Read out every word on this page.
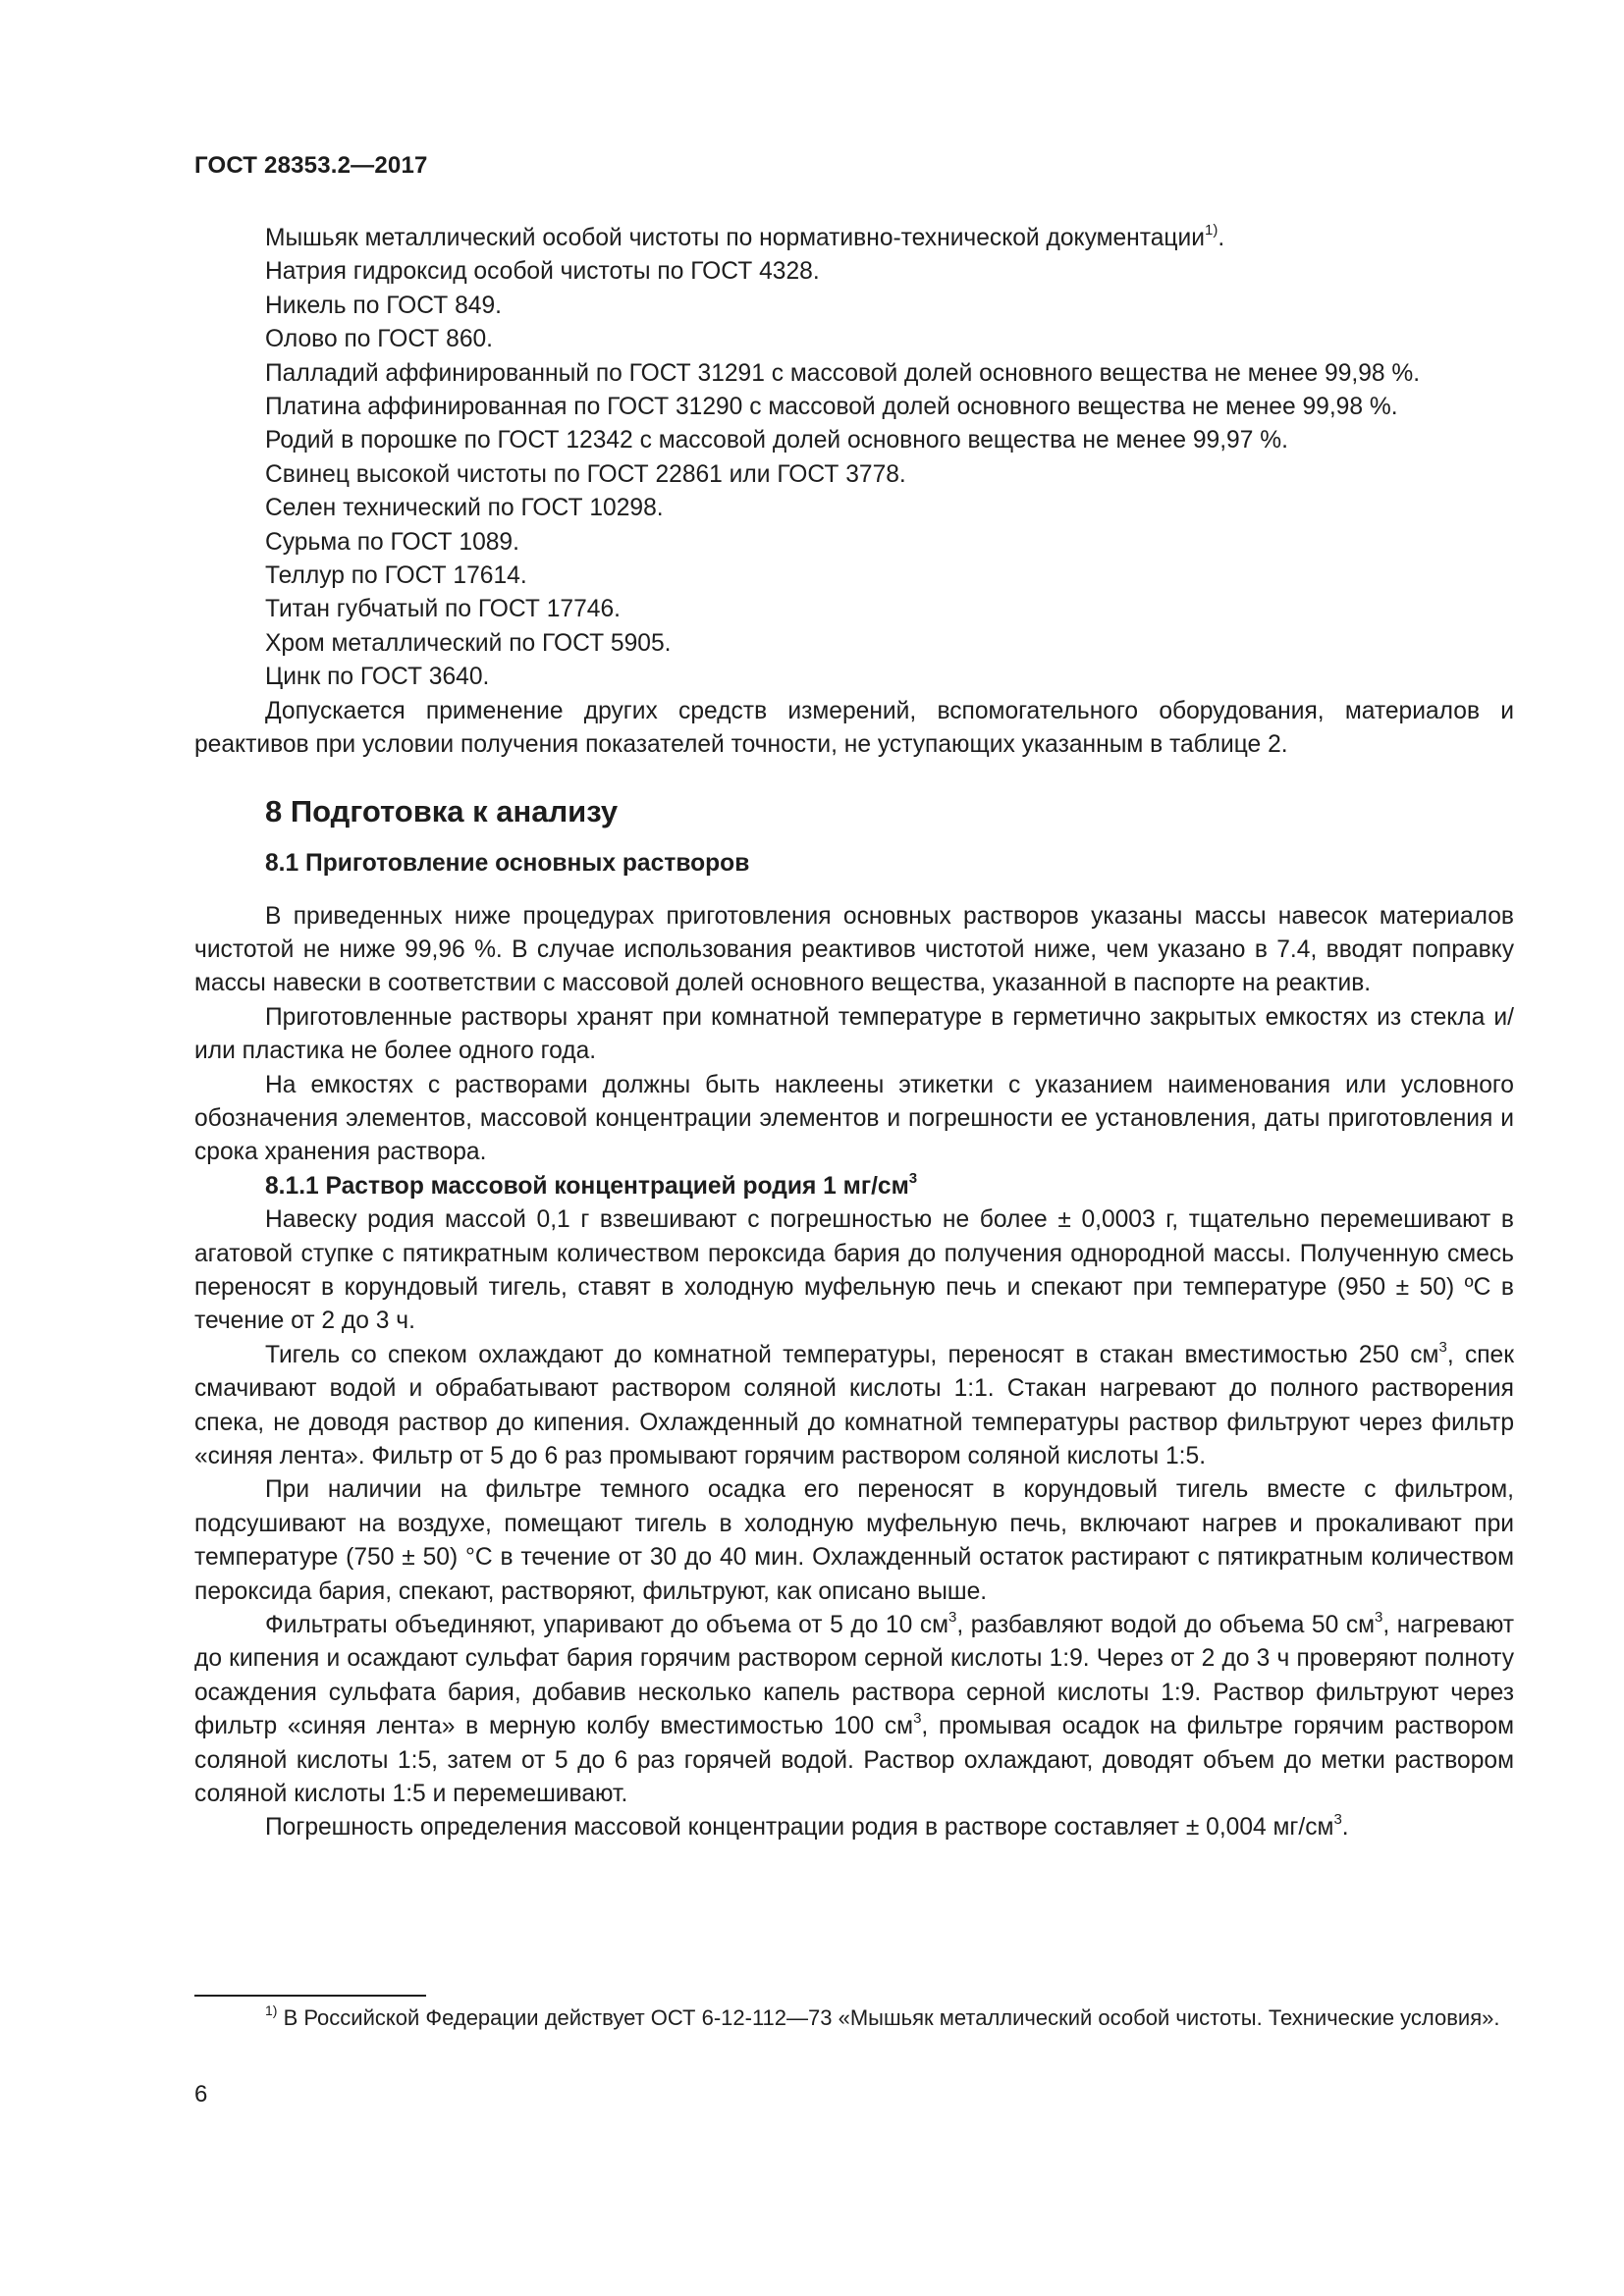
ГОСТ 28353.2—2017

Мышьяк металлический особой чистоты по нормативно-технической документации$^{1)}$.

Натрия гидроксид особой чистоты по ГОСТ 4328.

Никель по ГОСТ 849.

Олово по ГОСТ 860.

Палладий аффинированный по ГОСТ 31291 с массовой долей основного вещества не менее 99,98 %.

Платина аффинированная по ГОСТ 31290 с массовой долей основного вещества не менее 99,98 %.

Родий в порошке по ГОСТ 12342 с массовой долей основного вещества не менее 99,97 %.

Свинец высокой чистоты по ГОСТ 22861 или ГОСТ 3778.

Селен технический по ГОСТ 10298.

Сурьма по ГОСТ 1089.

Теллур по ГОСТ 17614.

Титан губчатый по ГОСТ 17746.

Хром металлический по ГОСТ 5905.

Цинк по ГОСТ 3640.

Допускается применение других средств измерений, вспомогательного оборудования, материалов и реактивов при условии получения показателей точности, не уступающих указанным в таблице 2.

8 Подготовка к анализу
8.1 Приготовление основных растворов

В приведенных ниже процедурах приготовления основных растворов указаны массы навесок материалов чистотой не ниже 99,96 %. В случае использования реактивов чистотой ниже, чем указано в 7.4, вводят поправку массы навески в соответствии с массовой долей основного вещества, указанной в паспорте на реактив.

Приготовленные растворы хранят при комнатной температуре в герметично закрытых емкостях из стекла и/или пластика не более одного года.

На емкостях с растворами должны быть наклеены этикетки с указанием наименования или условного обозначения элементов, массовой концентрации элементов и погрешности ее установления, даты приготовления и срока хранения раствора.

8.1.1 Раствор массовой концентрацией родия 1 $мг/см^3$

Навеску родия массой 0,1 г взвешивают с погрешностью не более ± 0,0003 г, тщательно перемешивают в агатовой ступке с пятикратным количеством пероксида бария до получения однородной массы. Полученную смесь переносят в корундовый тигель, ставят в холодную муфельную печь и спекают при температуре (950 ± 50) ºС в течение от 2 до 3 ч.

Тигель со спеком охлаждают до комнатной температуры, переносят в стакан вместимостью 250 $см^3$, спек смачивают водой и обрабатывают раствором соляной кислоты 1:1. Стакан нагревают до полного растворения спека, не доводя раствор до кипения. Охлажденный до комнатной температуры раствор фильтруют через фильтр «синяя лента». Фильтр от 5 до 6 раз промывают горячим раствором соляной кислоты 1:5.

При наличии на фильтре темного осадка его переносят в корундовый тигель вместе с фильтром, подсушивают на воздухе, помещают тигель в холодную муфельную печь, включают нагрев и прокаливают при температуре (750 ± 50) °С в течение от 30 до 40 мин. Охлажденный остаток растирают с пятикратным количеством пероксида бария, спекают, растворяют, фильтруют, как описано выше.

Фильтраты объединяют, упаривают до объема от 5 до 10 $см^3$, разбавляют водой до объема 50 $см^3$, нагревают до кипения и осаждают сульфат бария горячим раствором серной кислоты 1:9. Через от 2 до 3 ч проверяют полноту осаждения сульфата бария, добавив несколько капель раствора серной кислоты 1:9. Раствор фильтруют через фильтр «синяя лента» в мерную колбу вместимостью 100 $см^3$, промывая осадок на фильтре горячим раствором соляной кислоты 1:5, затем от 5 до 6 раз горячей водой. Раствор охлаждают, доводят объем до метки раствором соляной кислоты 1:5 и перемешивают.

Погрешность определения массовой концентрации родия в растворе составляет ± 0,004 $мг/см^3$.

$^{1)}$ В Российской Федерации действует ОСТ 6-12-112—73 «Мышьяк металлический особой чистоты. Технические условия».
6
